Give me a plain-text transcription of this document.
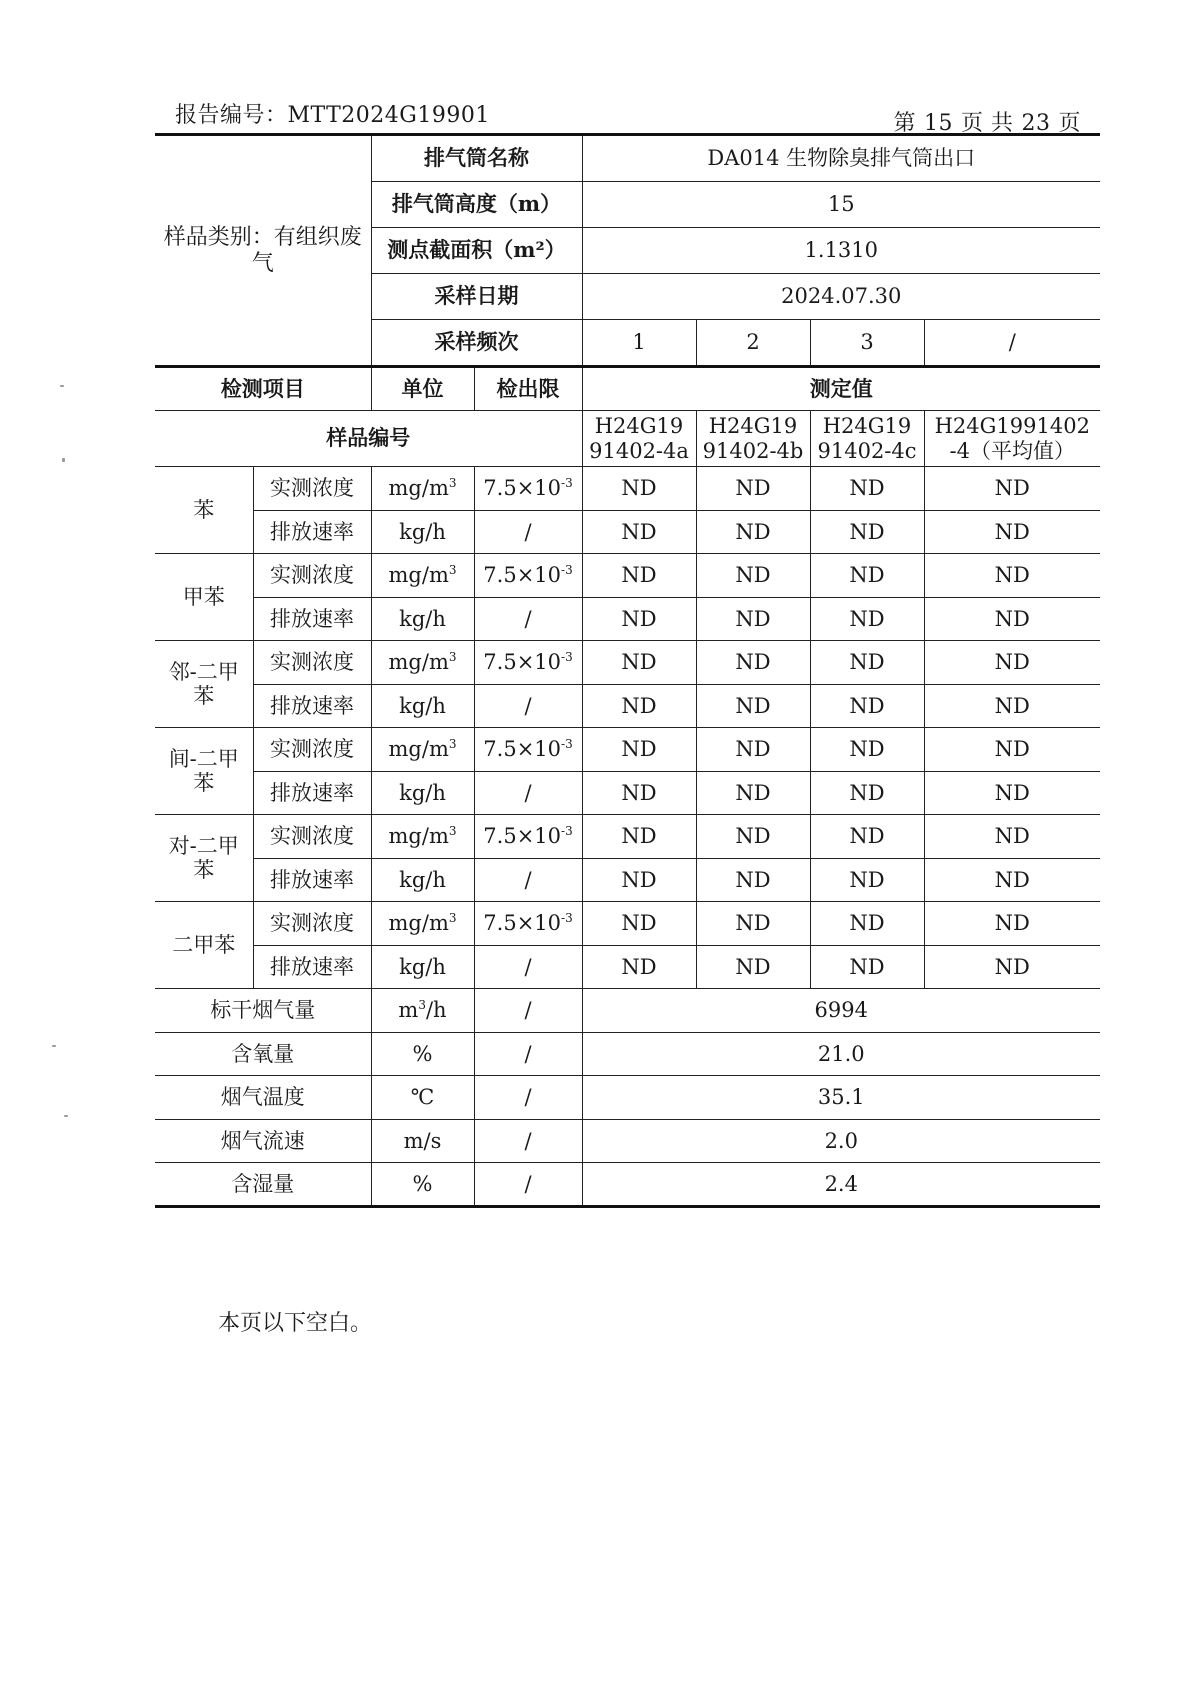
报告编号：MTT2024G19901	第 15 页 共 23 页
样品类别：有组织废气		排气筒名称		DA014 生物除臭排气筒出口			
		排气筒高度（m）		15			
		测点截面积（m²）		1.1310			
		采样日期		2024.07.30			
		采样频次		1	2	3	/
检测项目		单位	检出限	测定值			
样品编号				H24G19 91402-4a	H24G19 91402-4b	H24G19 91402-4c	H24G1991402 -4（平均值）
苯	实测浓度	$mg/m^3$	$7.5\times 10^{-3}$	ND	ND	ND	ND
	排放速率	kg/h	/	ND	ND	ND	ND
甲苯	实测浓度	$mg/m^3$	$7.5\times 10^{-3}$	ND	ND	ND	ND
	排放速率	kg/h	/	ND	ND	ND	ND
邻-二甲苯	实测浓度	$mg/m^3$	$7.5\times 10^{-3}$	ND	ND	ND	ND
	排放速率	kg/h	/	ND	ND	ND	ND
间-二甲苯	实测浓度	$mg/m^3$	$7.5\times 10^{-3}$	ND	ND	ND	ND
	排放速率	kg/h	/	ND	ND	ND	ND
对-二甲苯	实测浓度	$mg/m^3$	$7.5\times 10^{-3}$	ND	ND	ND	ND
	排放速率	kg/h	/	ND	ND	ND	ND
二甲苯	实测浓度	$mg/m^3$	$7.5\times 10^{-3}$	ND	ND	ND	ND
	排放速率	kg/h	/	ND	ND	ND	ND
标干烟气量		$m^3/h$	/	6994			
含氧量		%	/	21.0			
烟气温度		℃	/	35.1			
烟气流速		m/s	/	2.0			
含湿量		%	/	2.4			
本页以下空白。
